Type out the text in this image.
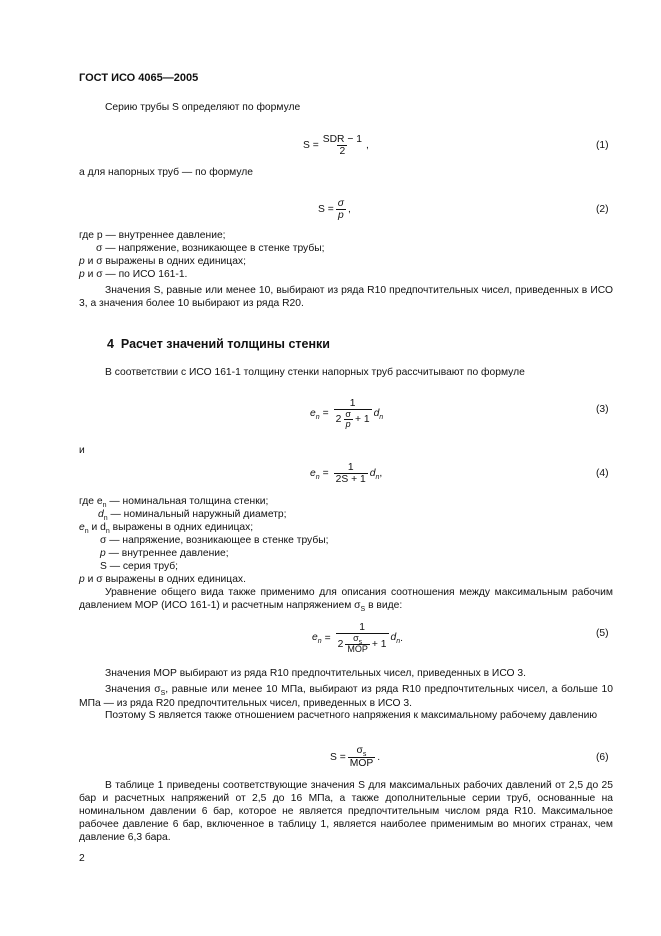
ГОСТ ИСО 4065—2005
Серию трубы S определяют по формуле
$S = \frac{\text{SDR − 1}}{2}$ ,	(1)
а для напорных труб — по формуле
$S = \frac{\sigma}{p}$ ,	(2)
где p — внутреннее давление;
σ — напряжение, возникающее в стенке трубы;
p и σ выражены в одних единицах;
p и σ — по ИСО 161-1.
Значения S, равные или менее 10, выбирают из ряда R10 предпочтительных чисел, приведенных в ИСО 3, а значения более 10 выбирают из ряда R20.
4 Расчет значений толщины стенки
В соответствии с ИСО 161-1 толщину стенки напорных труб рассчитывают по формуле
$e_n = \frac{1}{2 \frac{\sigma}{p} + 1} d_n$
(3)
и
$e_n = \frac{1}{2S + 1} d_n$ ,	(4)
где $e_n$ — номинальная толщина стенки;
$d_n$ — номинальный наружный диаметр;
$e_n$ и $d_n$ выражены в одних единицах;
σ — напряжение, возникающее в стенке трубы;
p — внутреннее давление;
S — серия труб;
p и σ выражены в одних единицах.
Уравнение общего вида также применимо для описания соотношения между максимальным рабочим давлением МОР (ИСО 161-1) и расчетным напряжением $\sigma_S$ в виде:
$e_n = \frac{1}{2 \frac{\sigma_s}{\text{MOP}} + 1} d_n$ .	(5)
Значения МОР выбирают из ряда R10 предпочтительных чисел, приведенных в ИСО 3.
Значения $\sigma_S$, равные или менее 10 МПа, выбирают из ряда R10 предпочтительных чисел, а больше 10 МПа — из ряда R20 предпочтительных чисел, приведенных в ИСО 3.
Поэтому S является также отношением расчетного напряжения к максимальному рабочему давлению
$S = \frac{\sigma_s}{\text{MOP}}$ .	(6)
В таблице 1 приведены соответствующие значения S для максимальных рабочих давлений от 2,5 до 25 бар и расчетных напряжений от 2,5 до 16 МПа, а также дополнительные серии труб, основанные на номинальном давлении 6 бар, которое не является предпочтительным числом ряда R10. Максимальное рабочее давление 6 бар, включенное в таблицу 1, является наиболее применимым во многих странах, чем давление 6,3 бара.
2
